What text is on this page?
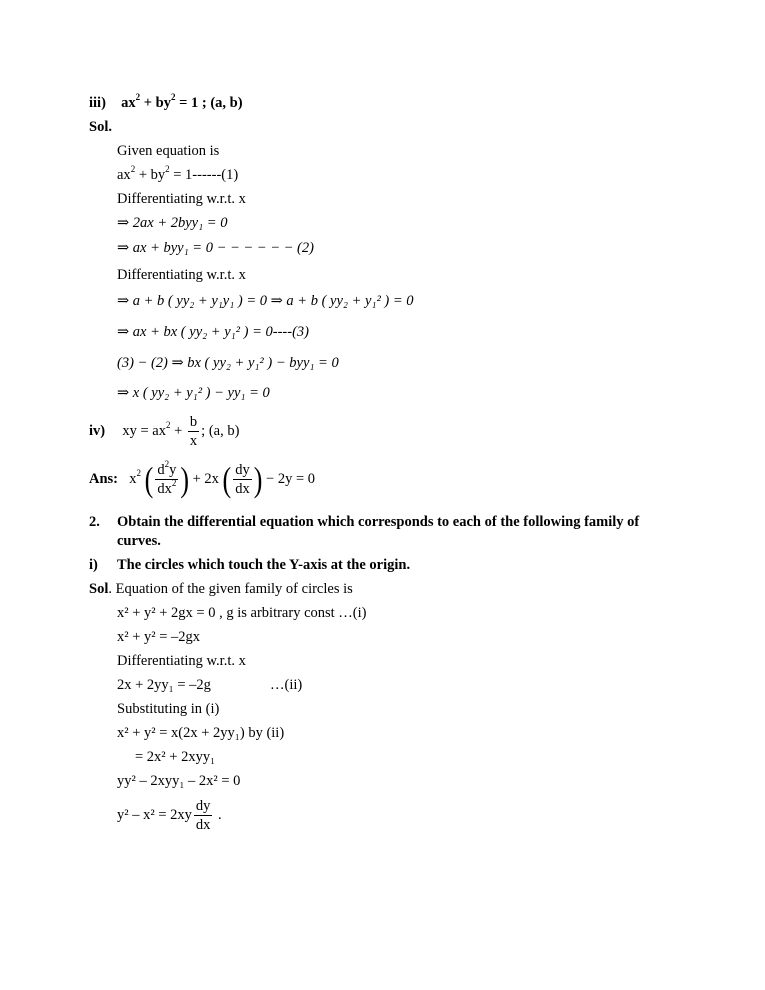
iii) $ax^2 + by^2 = 1$ ; (a, b)
Sol.
Given equation is
$ax^2 + by^2 = 1------(1)$
Differentiating w.r.t. x
⇒ 2ax + 2byy₁ = 0
⇒ ax + byy₁ = 0 − − − − − − (2)
Differentiating w.r.t. x
⇒ a + b ( yy₂ + y₁y₁ ) = 0 ⇒ a + b ( yy₂ + y₁² ) = 0
⇒ ax + bx ( yy₂ + y₁² ) = 0----(3)
(3) − (2) ⇒ bx ( yy₂ + y₁² ) − byy₁ = 0
⇒ x ( yy₂ + y₁² ) − yy₁ = 0
iv) xy = $ax^2 + \frac{b}{x}$ ; (a, b)
Ans: $x^2$ ( $\frac{d^2y}{dx^2}$ ) + 2x ( $\frac{dy}{dx}$ ) − 2y = 0
2. Obtain the differential equation which corresponds to each of the following family of
curves.
i) The circles which touch the Y-axis at the origin.
Sol. Equation of the given family of circles is
x² + y² + 2gx = 0 , g is arbitrary const …(i)
x² + y² = –2gx
Differentiating w.r.t. x
2x + 2yy₁ = –2g	…(ii)
Substituting in (i)
x² + y² = x(2x + 2yy₁) by (ii)
= 2x² + 2xyy₁
yy² – 2xyy₁ – 2x² = 0
$y^2 - x^2 = 2xy \frac{dy}{dx}$ .
